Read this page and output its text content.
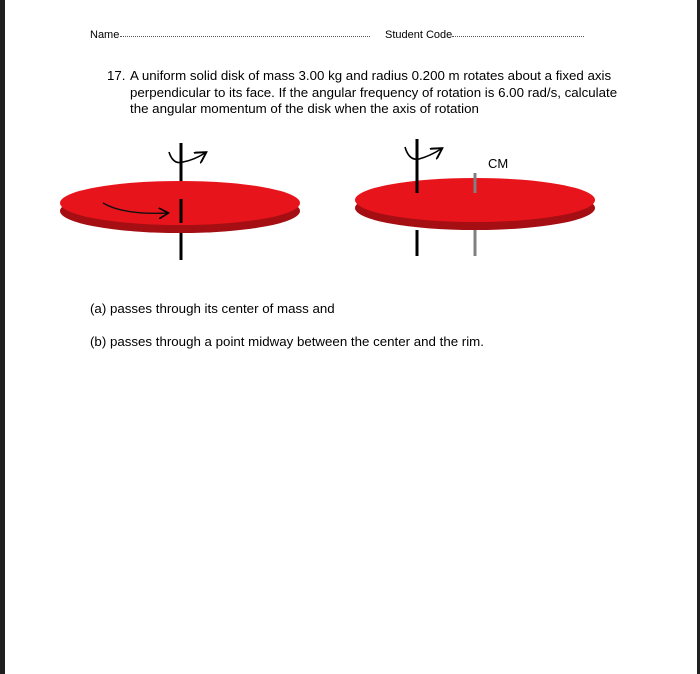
Name	Student Code
17. A uniform solid disk of mass 3.00 kg and radius 0.200 m rotates about a fixed axis perpendicular to its face. If the angular frequency of rotation is 6.00 rad/s, calculate the angular momentum of the disk when the axis of rotation
CM
(a) passes through its center of mass and
(b) passes through a point midway between the center and the rim.
